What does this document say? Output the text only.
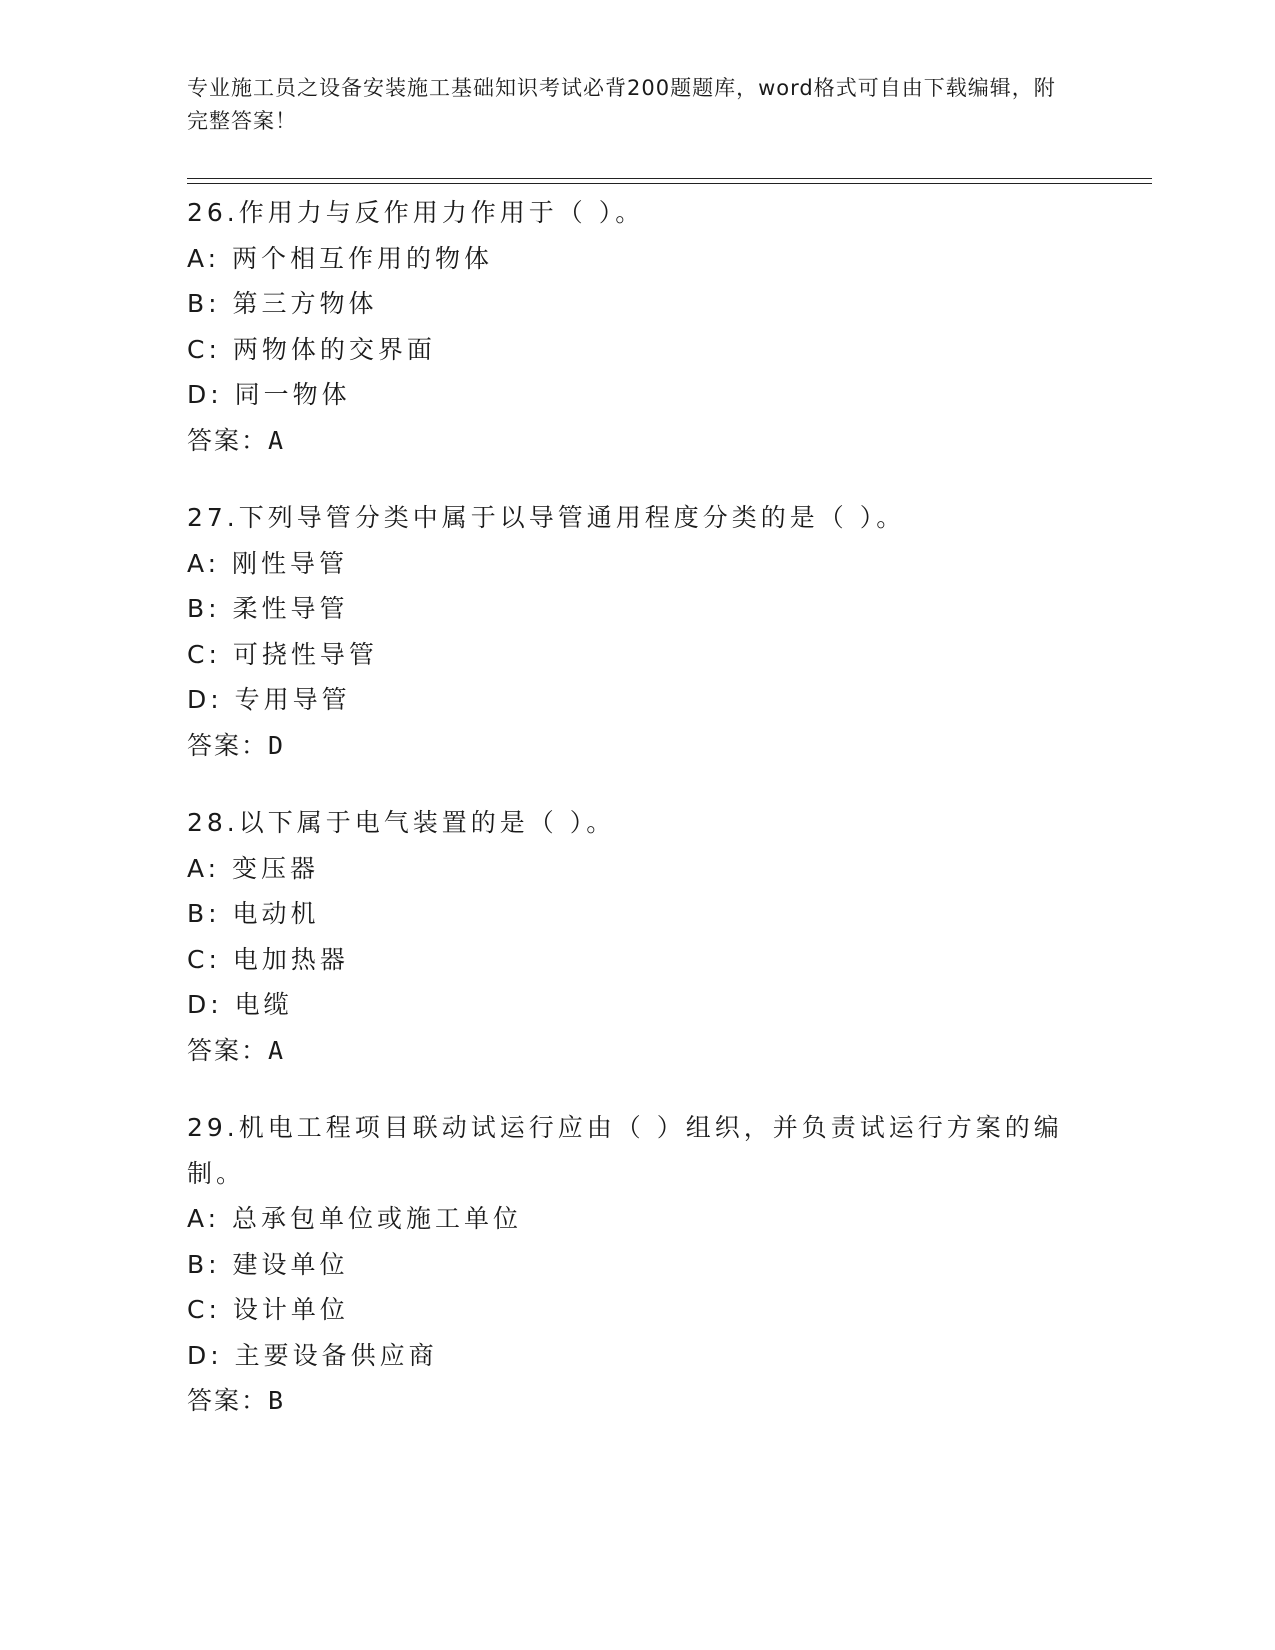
专业施工员之设备安装施工基础知识考试必背200题题库，word格式可自由下载编辑，附完整答案！
26.作用力与反作用力作用于（ ）。
A: 两个相互作用的物体
B: 第三方物体
C: 两物体的交界面
D: 同一物体
答案：A
27.下列导管分类中属于以导管通用程度分类的是（ ）。
A: 刚性导管
B: 柔性导管
C: 可挠性导管
D: 专用导管
答案：D
28.以下属于电气装置的是（ ）。
A: 变压器
B: 电动机
C: 电加热器
D: 电缆
答案：A
29.机电工程项目联动试运行应由（ ）组织，并负责试运行方案的编制。
A: 总承包单位或施工单位
B: 建设单位
C: 设计单位
D: 主要设备供应商
答案：B
